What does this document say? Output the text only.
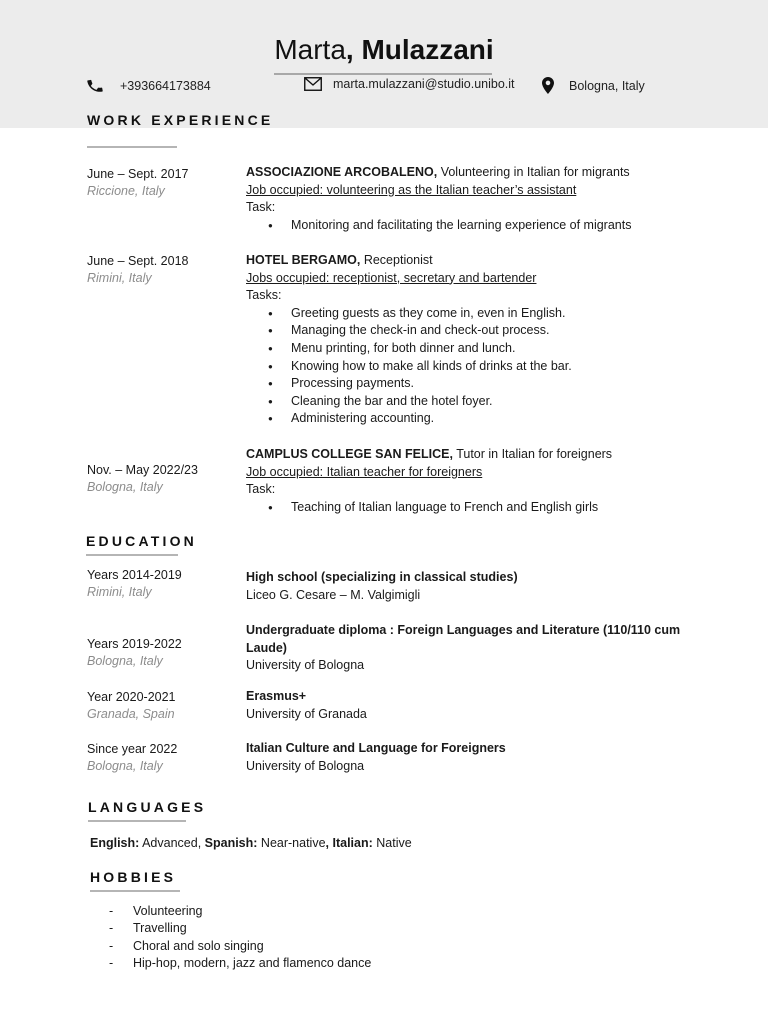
Marta, Mulazzani
+393664173884	marta.mulazzani@studio.unibo.it	Bologna, Italy
WORK EXPERIENCE
June – Sept. 2017
Riccione, Italy
ASSOCIAZIONE ARCOBALENO, Volunteering in Italian for migrants
Job occupied: volunteering as the Italian teacher’s assistant
Task:
● Monitoring and facilitating the learning experience of migrants
June – Sept. 2018
Rimini, Italy
HOTEL BERGAMO, Receptionist
Jobs occupied: receptionist, secretary and bartender
Tasks:
● Greeting guests as they come in, even in English.
● Managing the check-in and check-out process.
● Menu printing, for both dinner and lunch.
● Knowing how to make all kinds of drinks at the bar.
● Processing payments.
● Cleaning the bar and the hotel foyer.
● Administering accounting.
Nov. – May 2022/23
Bologna, Italy
CAMPLUS COLLEGE SAN FELICE, Tutor in Italian for foreigners
Job occupied: Italian teacher for foreigners
Task:
● Teaching of Italian language to French and English girls
EDUCATION
Years 2014-2019
Rimini, Italy
High school (specializing in classical studies)
Liceo G. Cesare – M. Valgimigli
Years 2019-2022
Bologna, Italy
Undergraduate diploma : Foreign Languages and Literature (110/110 cum Laude)
University of Bologna
Year 2020-2021
Granada, Spain
Erasmus+
University of Granada
Since year 2022
Bologna, Italy
Italian Culture and Language for Foreigners
University of Bologna
LANGUAGES
English: Advanced, Spanish: Near-native, Italian: Native
HOBBIES
- Volunteering
- Travelling
- Choral and solo singing
- Hip-hop, modern, jazz and flamenco dance
